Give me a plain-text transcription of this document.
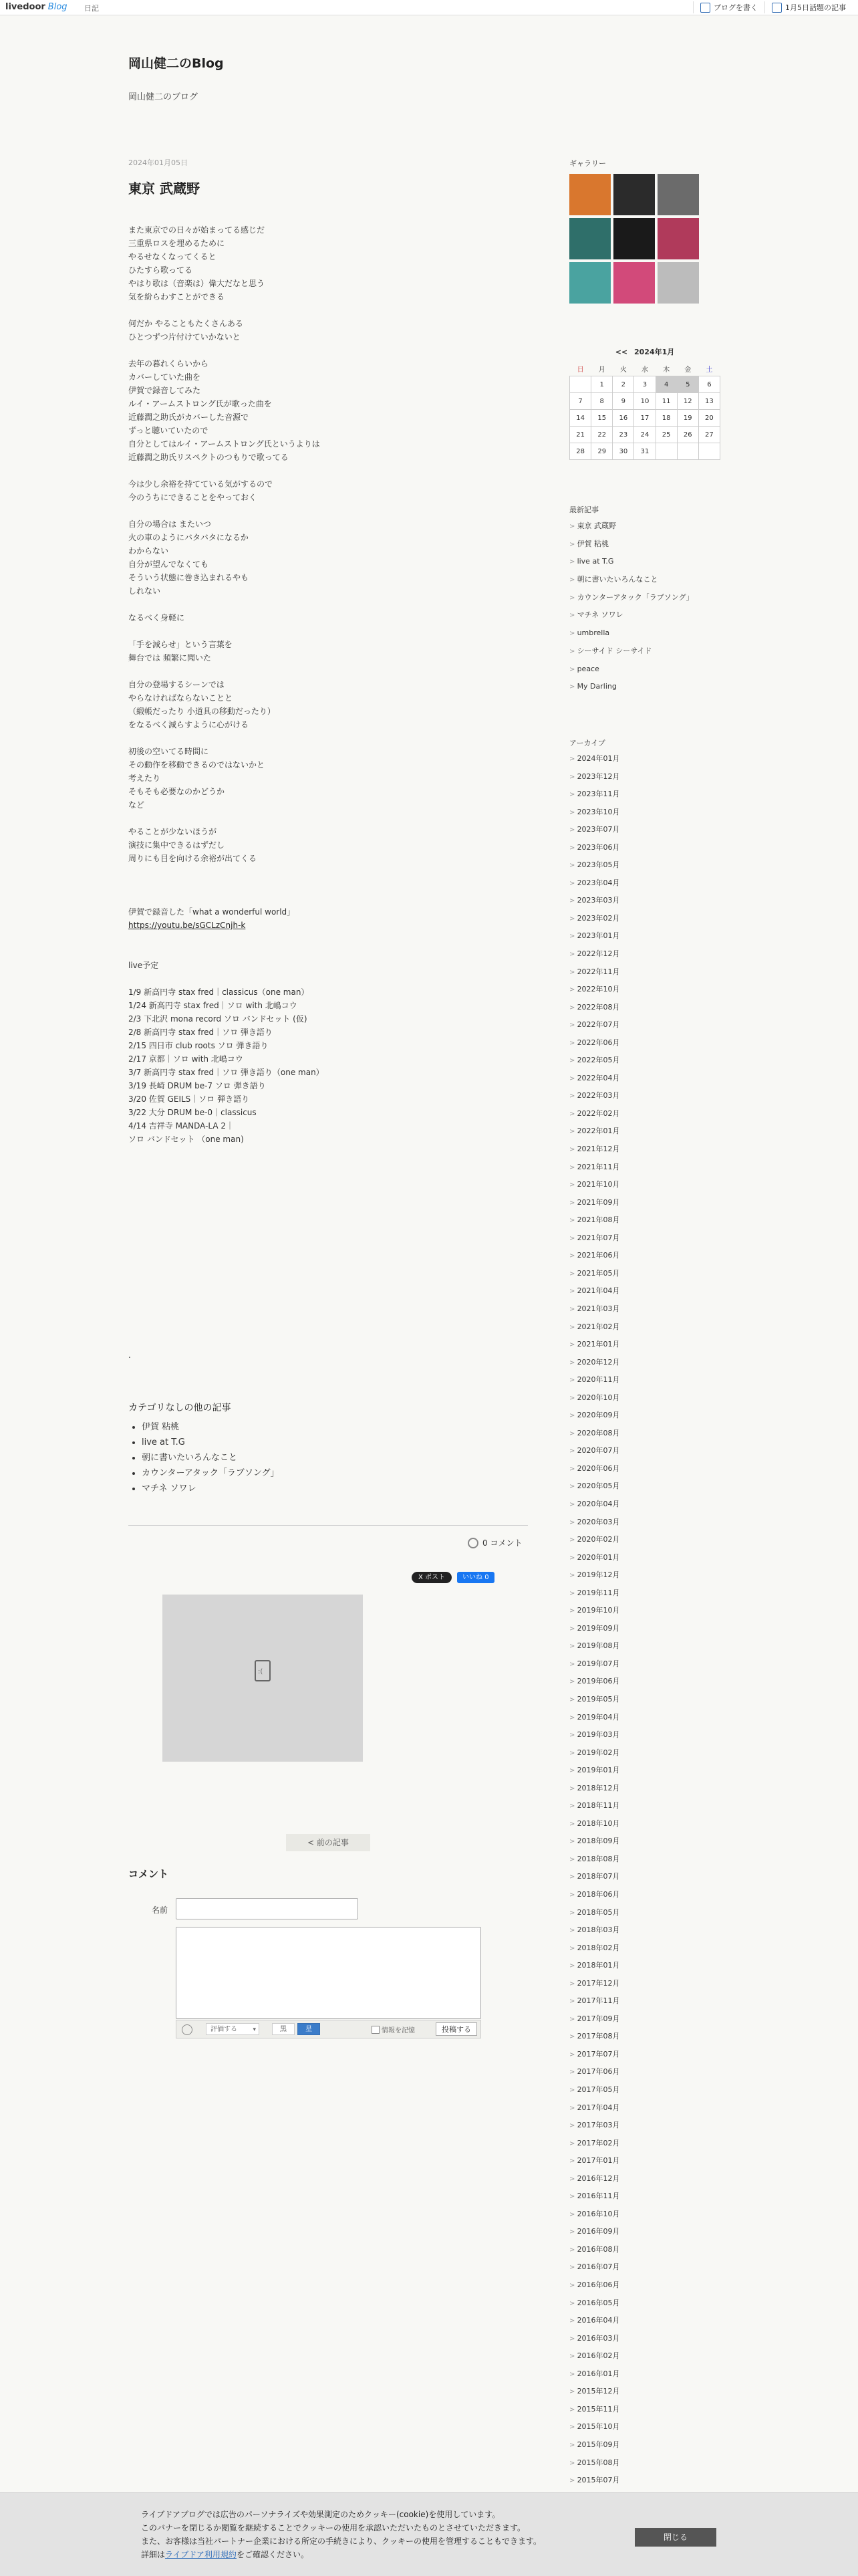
livedoor Blog 日記	ブログを書く	1月5日話題の記事
岡山健二のBlog
岡山健二のブログ
2024年01月05日
東京 武蔵野

また東京での日々が始まってる感じだ
三重県ロスを埋めるために
やるせなくなってくると
ひたすら歌ってる
やはり歌は（音楽は）偉大だなと思う
気を紛らわすことができる

何だか やることもたくさんある
ひとつずつ片付けていかないと

去年の暮れくらいから
カバーしていた曲を
伊賀で録音してみた
ルイ・アームストロング氏が歌った曲を
近藤潤之助氏がカバーした音源で
ずっと聴いていたので
自分としてはルイ・アームストロング氏というよりは
近藤潤之助氏リスペクトのつもりで歌ってる

今は少し余裕を持てている気がするので
今のうちにできることをやっておく

自分の場合は またいつ
火の車のようにバタバタになるか
わからない
自分が望んでなくても
そういう状態に巻き込まれるやも
しれない

なるべく身軽に

「手を減らせ」という言葉を
舞台では 頻繁に聞いた

自分の登場するシーンでは
やらなければならないことと
（緞帳だったり 小道具の移動だったり）
をなるべく減らすように心がける

初後の空いてる時間に
その動作を移動できるのではないかと
考えたり
そもそも必要なのかどうか
など

やることが少ないほうが
演技に集中できるはずだし
周りにも目を向ける余裕が出てくる

伊賀で録音した「what a wonderful world」
https://youtu.be/sGCLzCnjh-k
live予定
1/9 新高円寺 stax fred｜classicus（one man）
1/24 新高円寺 stax fred｜ソロ with 北嶋コウ
2/3 下北沢 mona record ソロ バンドセット (仮)
2/8 新高円寺 stax fred｜ソロ 弾き語り
2/15 四日市 club roots ソロ 弾き語り
2/17 京都｜ソロ with 北嶋コウ
3/7 新高円寺 stax fred｜ソロ 弾き語り（one man）
3/19 長崎 DRUM be-7 ソロ 弾き語り
3/20 佐賀 GEILS｜ソロ 弾き語り
3/22 大分 DRUM be-0｜classicus
4/14 吉祥寺 MANDA-LA 2｜
ソロ バンドセット （one man)
.
カテゴリなしの他の記事
• 伊賀 粘桃
• live at T.G
• 朝に書いたいろんなこと
• カウンターアタック「ラブソング」
• マチネ ソワレ
0 コメント
X ポスト	いいね 0
:(
< 前の記事
コメント
名前
評価する ▾	黒	星	情報を記憶	投稿する
ギャラリー
<< 2024年1月
日	月	火	水	木	金	土
	1	2	3	4	5	6
7	8	9	10	11	12	13
14	15	16	17	18	19	20
21	22	23	24	25	26	27
28	29	30	31			
最新記事
> 東京 武蔵野
> 伊賀 粘桃
> live at T.G
> 朝に書いたいろんなこと
> カウンターアタック「ラブソング」
> マチネ ソワレ
> umbrella
> シーサイド シーサイド
> peace
> My Darling
アーカイブ
> 2024年01月
> 2023年12月
> 2023年11月
> 2023年10月
> 2023年07月
> 2023年06月
> 2023年05月
> 2023年04月
> 2023年03月
> 2023年02月
> 2023年01月
> 2022年12月
> 2022年11月
> 2022年10月
> 2022年08月
> 2022年07月
> 2022年06月
> 2022年05月
> 2022年04月
> 2022年03月
> 2022年02月
> 2022年01月
> 2021年12月
> 2021年11月
> 2021年10月
> 2021年09月
> 2021年08月
> 2021年07月
> 2021年06月
> 2021年05月
> 2021年04月
> 2021年03月
> 2021年02月
> 2021年01月
> 2020年12月
> 2020年11月
> 2020年10月
> 2020年09月
> 2020年08月
> 2020年07月
> 2020年06月
> 2020年05月
> 2020年04月
> 2020年03月
> 2020年02月
> 2020年01月
> 2019年12月
> 2019年11月
> 2019年10月
> 2019年09月
> 2019年08月
> 2019年07月
> 2019年06月
> 2019年05月
> 2019年04月
> 2019年03月
> 2019年02月
> 2019年01月
> 2018年12月
> 2018年11月
> 2018年10月
> 2018年09月
> 2018年08月
> 2018年07月
> 2018年06月
> 2018年05月
> 2018年03月
> 2018年02月
> 2018年01月
> 2017年12月
> 2017年11月
> 2017年09月
> 2017年08月
> 2017年07月
> 2017年06月
> 2017年05月
> 2017年04月
> 2017年03月
> 2017年02月
> 2017年01月
> 2016年12月
> 2016年11月
> 2016年10月
> 2016年09月
> 2016年08月
> 2016年07月
> 2016年06月
> 2016年05月
> 2016年04月
> 2016年03月
> 2016年02月
> 2016年01月
> 2015年12月
> 2015年11月
> 2015年10月
> 2015年09月
> 2015年08月
> 2015年07月
>
>
ライブドアブログでは広告のパーソナライズや効果測定のためクッキー(cookie)を使用しています。
このバナーを閉じるか閲覧を継続することでクッキーの使用を承認いただいたものとさせていただきます。
また、お客様は当社パートナー企業における所定の手続きにより、クッキーの使用を管理することもできます。
詳細はライブドア利用規約をご確認ください。
閉じる
